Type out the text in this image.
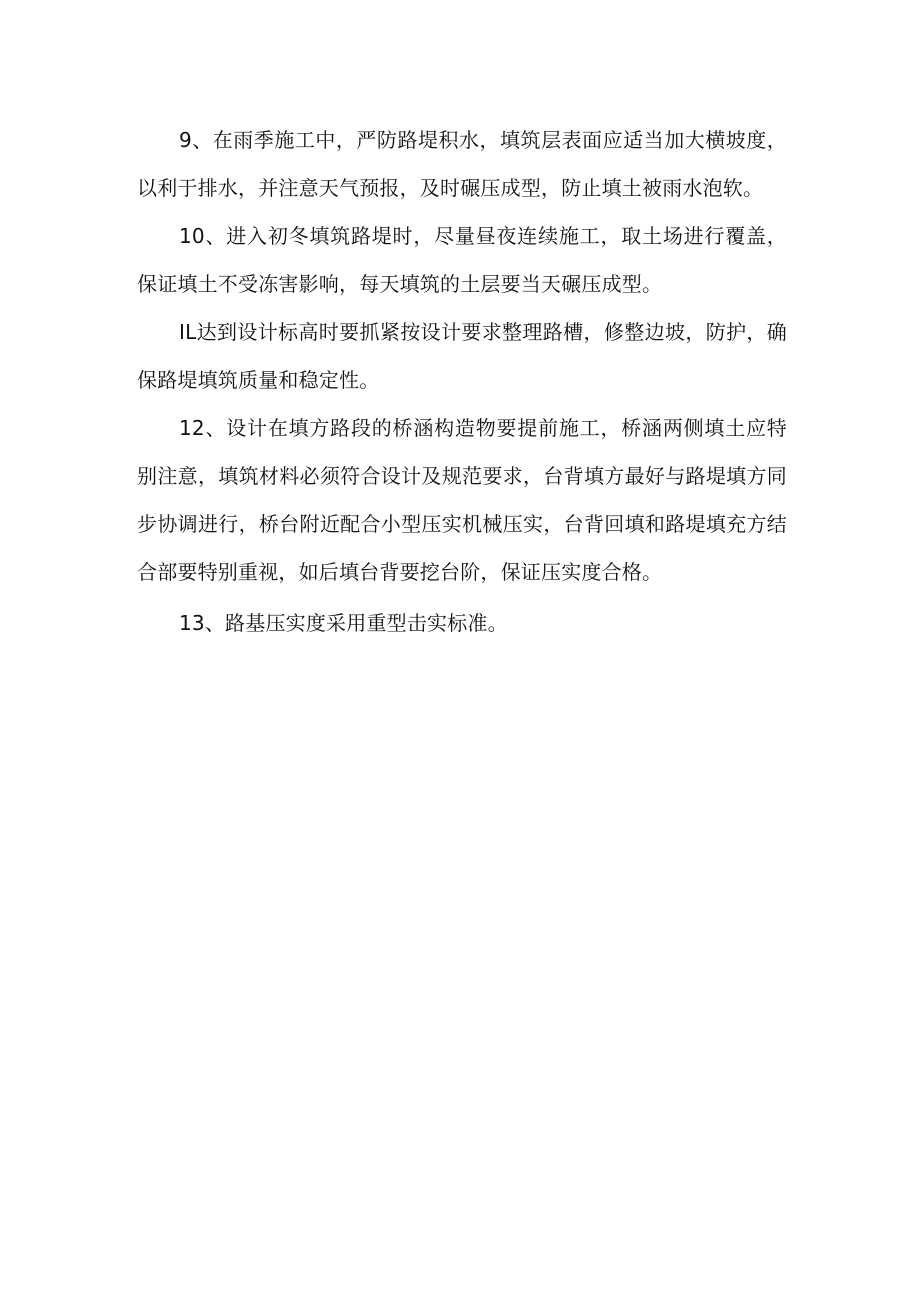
9、在雨季施工中，严防路堤积水，填筑层表面应适当加大横坡度，以利于排水，并注意天气预报，及时碾压成型，防止填土被雨水泡软。

10、进入初冬填筑路堤时，尽量昼夜连续施工，取土场进行覆盖，保证填土不受冻害影响，每天填筑的土层要当天碾压成型。

IL达到设计标高时要抓紧按设计要求整理路槽，修整边坡，防护，确保路堤填筑质量和稳定性。

12、设计在填方路段的桥涵构造物要提前施工，桥涵两侧填土应特别注意，填筑材料必须符合设计及规范要求，台背填方最好与路堤填方同步协调进行，桥台附近配合小型压实机械压实，台背回填和路堤填充方结合部要特别重视，如后填台背要挖台阶，保证压实度合格。

13、路基压实度采用重型击实标准。
